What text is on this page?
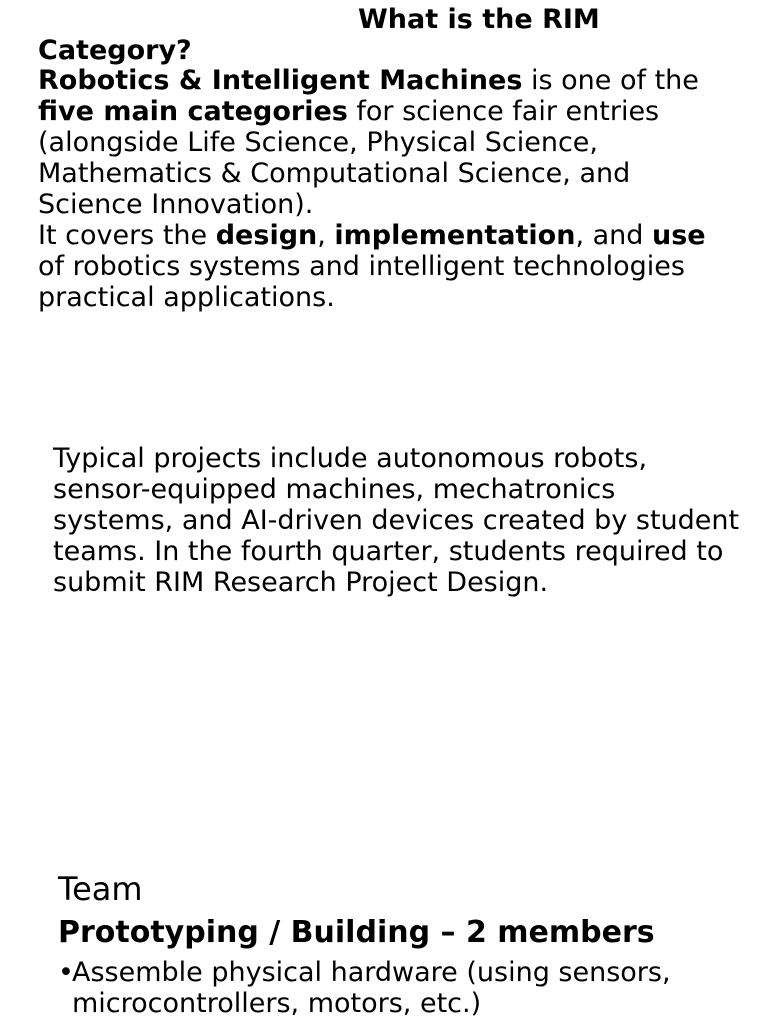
What is the RIM Category?

Robotics & Intelligent Machines is one of the five main categories for science fair entries (alongside Life Science, Physical Science, Mathematics & Computational Science, and Science Innovation).

It covers the design, implementation, and use of robotics systems and intelligent technologies practical applications.

Typical projects include autonomous robots, sensor-equipped machines, mechatronics systems, and AI-driven devices created by student teams. In the fourth quarter, students required to submit RIM Research Project Design.

Team
Prototyping / Building – 2 members
•
Assemble physical hardware (using sensors, microcontrollers, motors, etc.)
